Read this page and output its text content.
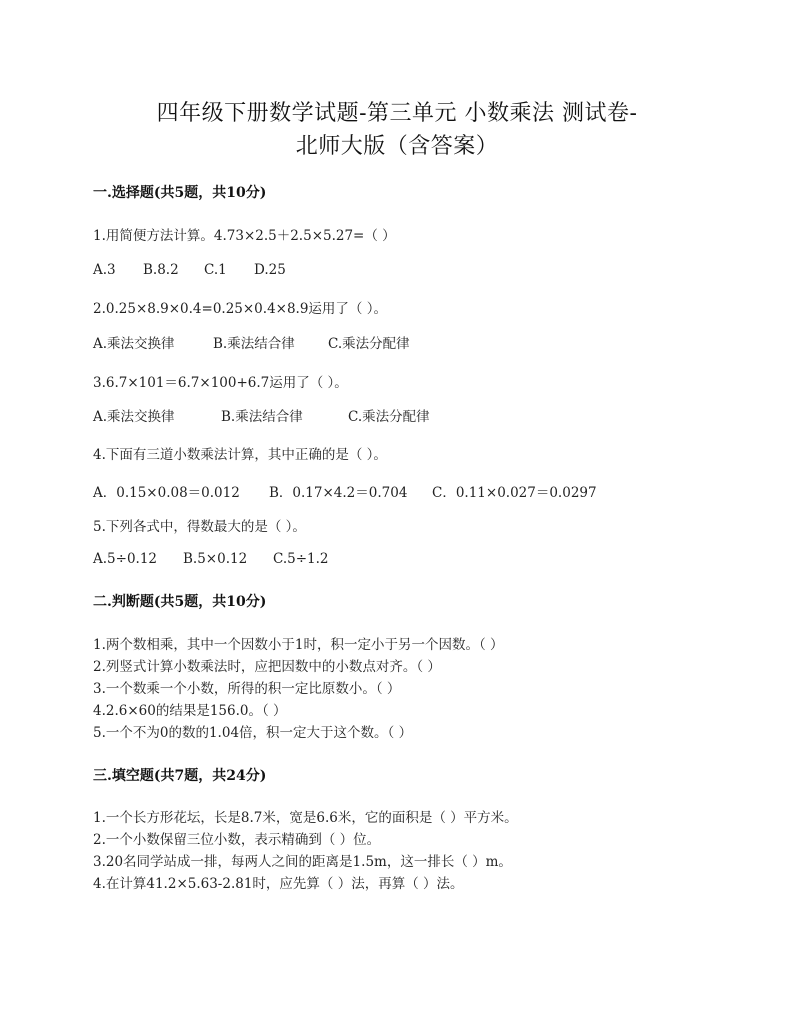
四年级下册数学试题-第三单元 小数乘法 测试卷-
北师大版（含答案）
一.选择题(共5题，共10分)
1.用简便方法计算。4.73×2.5＋2.5×5.27=（ ）
A.3 B.8.2 C.1 D.25
2.0.25×8.9×0.4=0.25×0.4×8.9运用了（ ）。
A.乘法交换律	B.乘法结合律 C.乘法分配律
3.6.7×101＝6.7×100+6.7运用了（ ）。
A.乘法交换律	B.乘法结合律	C.乘法分配律
4.下面有三道小数乘法计算，其中正确的是（ ）。
A．0.15×0.08＝0.012 B．0.17×4.2＝0.704 C．0.11×0.027＝0.0297
5.下列各式中，得数最大的是（ ）。
A.5÷0.12 B.5×0.12 C.5÷1.2
二.判断题(共5题，共10分)
1.两个数相乘，其中一个因数小于1时，积一定小于另一个因数。（ ）
2.列竖式计算小数乘法时，应把因数中的小数点对齐。（ ）
3.一个数乘一个小数，所得的积一定比原数小。（ ）
4.2.6×60的结果是156.0。（ ）
5.一个不为0的数的1.04倍，积一定大于这个数。（ ）
三.填空题(共7题，共24分)
1.一个长方形花坛，长是8.7米，宽是6.6米，它的面积是（ ）平方米。
2.一个小数保留三位小数，表示精确到（ ）位。
3.20名同学站成一排，每两人之间的距离是1.5m，这一排长（ ）m。
4.在计算41.2×5.63-2.81时，应先算（ ）法，再算（ ）法。
